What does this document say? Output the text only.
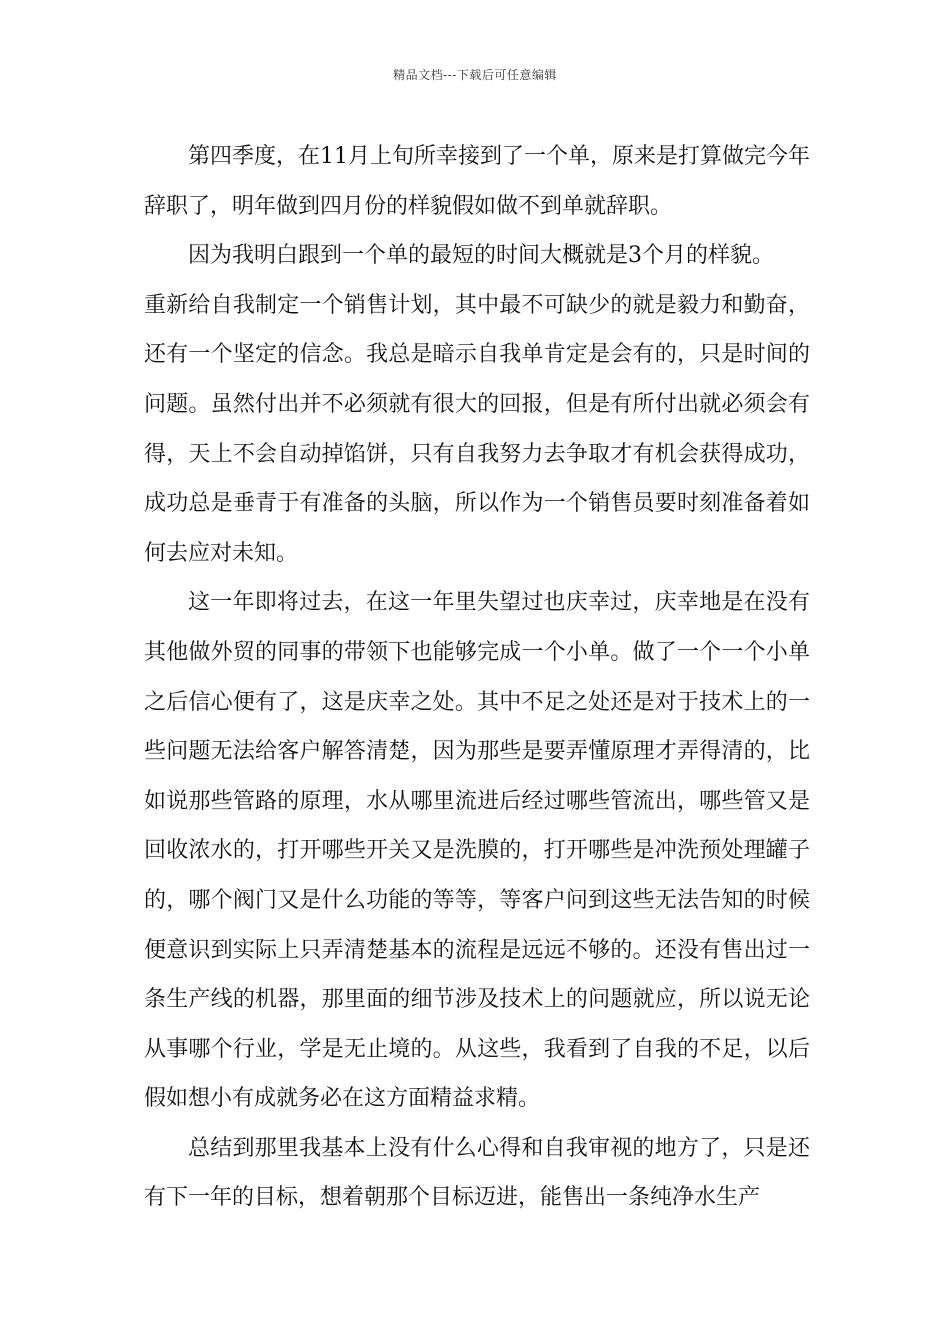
精品文档---下载后可任意编辑

第四季度，在11月上旬所幸接到了一个单，原来是打算做完今年辞职了，明年做到四月份的样貌假如做不到单就辞职。

因为我明白跟到一个单的最短的时间大概就是3个月的样貌。

重新给自我制定一个销售计划，其中最不可缺少的就是毅力和勤奋，还有一个坚定的信念。我总是暗示自我单肯定是会有的，只是时间的问题。虽然付出并不必须就有很大的回报，但是有所付出就必须会有得，天上不会自动掉馅饼，只有自我努力去争取才有机会获得成功，成功总是垂青于有准备的头脑，所以作为一个销售员要时刻准备着如何去应对未知。

这一年即将过去，在这一年里失望过也庆幸过，庆幸地是在没有其他做外贸的同事的带领下也能够完成一个小单。做了一个一个小单之后信心便有了，这是庆幸之处。其中不足之处还是对于技术上的一些问题无法给客户解答清楚，因为那些是要弄懂原理才弄得清的，比如说那些管路的原理，水从哪里流进后经过哪些管流出，哪些管又是回收浓水的，打开哪些开关又是洗膜的，打开哪些是冲洗预处理罐子的，哪个阀门又是什么功能的等等，等客户问到这些无法告知的时候便意识到实际上只弄清楚基本的流程是远远不够的。还没有售出过一条生产线的机器，那里面的细节涉及技术上的问题就应，所以说无论从事哪个行业，学是无止境的。从这些，我看到了自我的不足，以后假如想小有成就务必在这方面精益求精。

总结到那里我基本上没有什么心得和自我审视的地方了，只是还有下一年的目标，想着朝那个目标迈进，能售出一条纯净水生产
